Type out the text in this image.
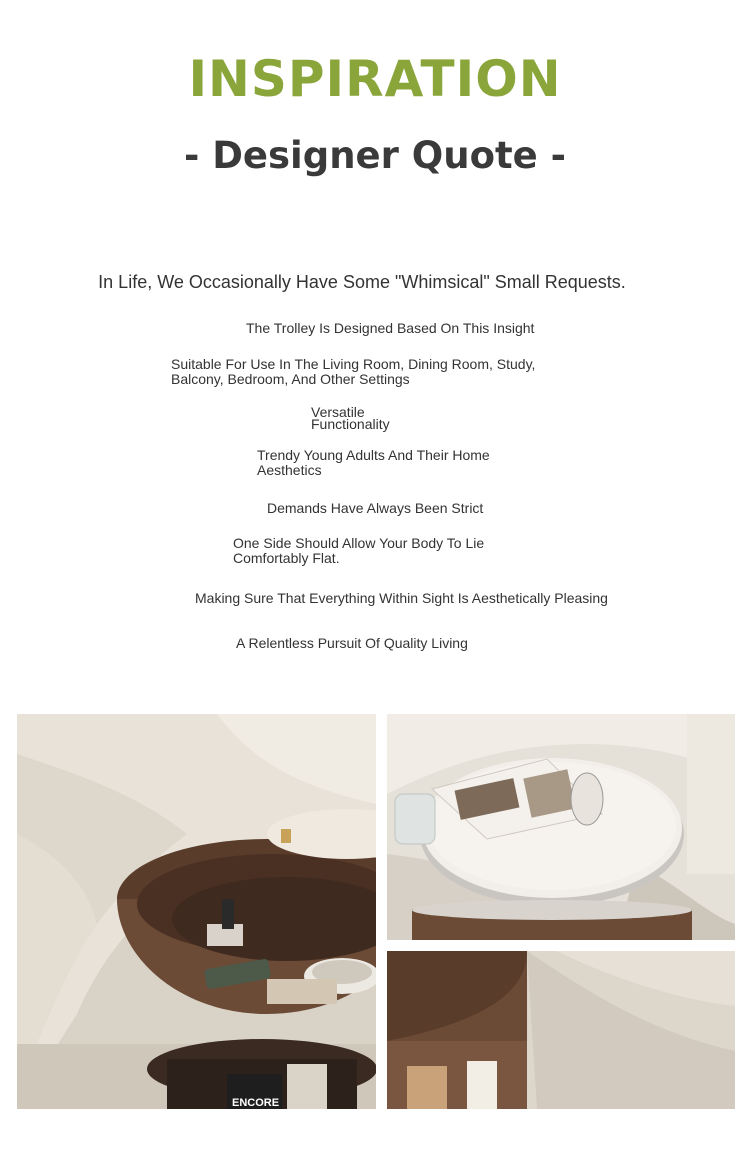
INSPIRATION
- Designer Quote -
In Life, We Occasionally Have Some "Whimsical" Small Requests.
The Trolley Is Designed Based On This Insight
Suitable For Use In The Living Room, Dining Room, Study,
Balcony, Bedroom, And Other Settings
Versatile
Functionality
Trendy Young Adults And Their Home
Aesthetics
Demands Have Always Been Strict
One Side Should Allow Your Body To Lie
Comfortably Flat.
Making Sure That Everything Within Sight Is Aesthetically Pleasing
A Relentless Pursuit Of Quality Living
ENCORE
